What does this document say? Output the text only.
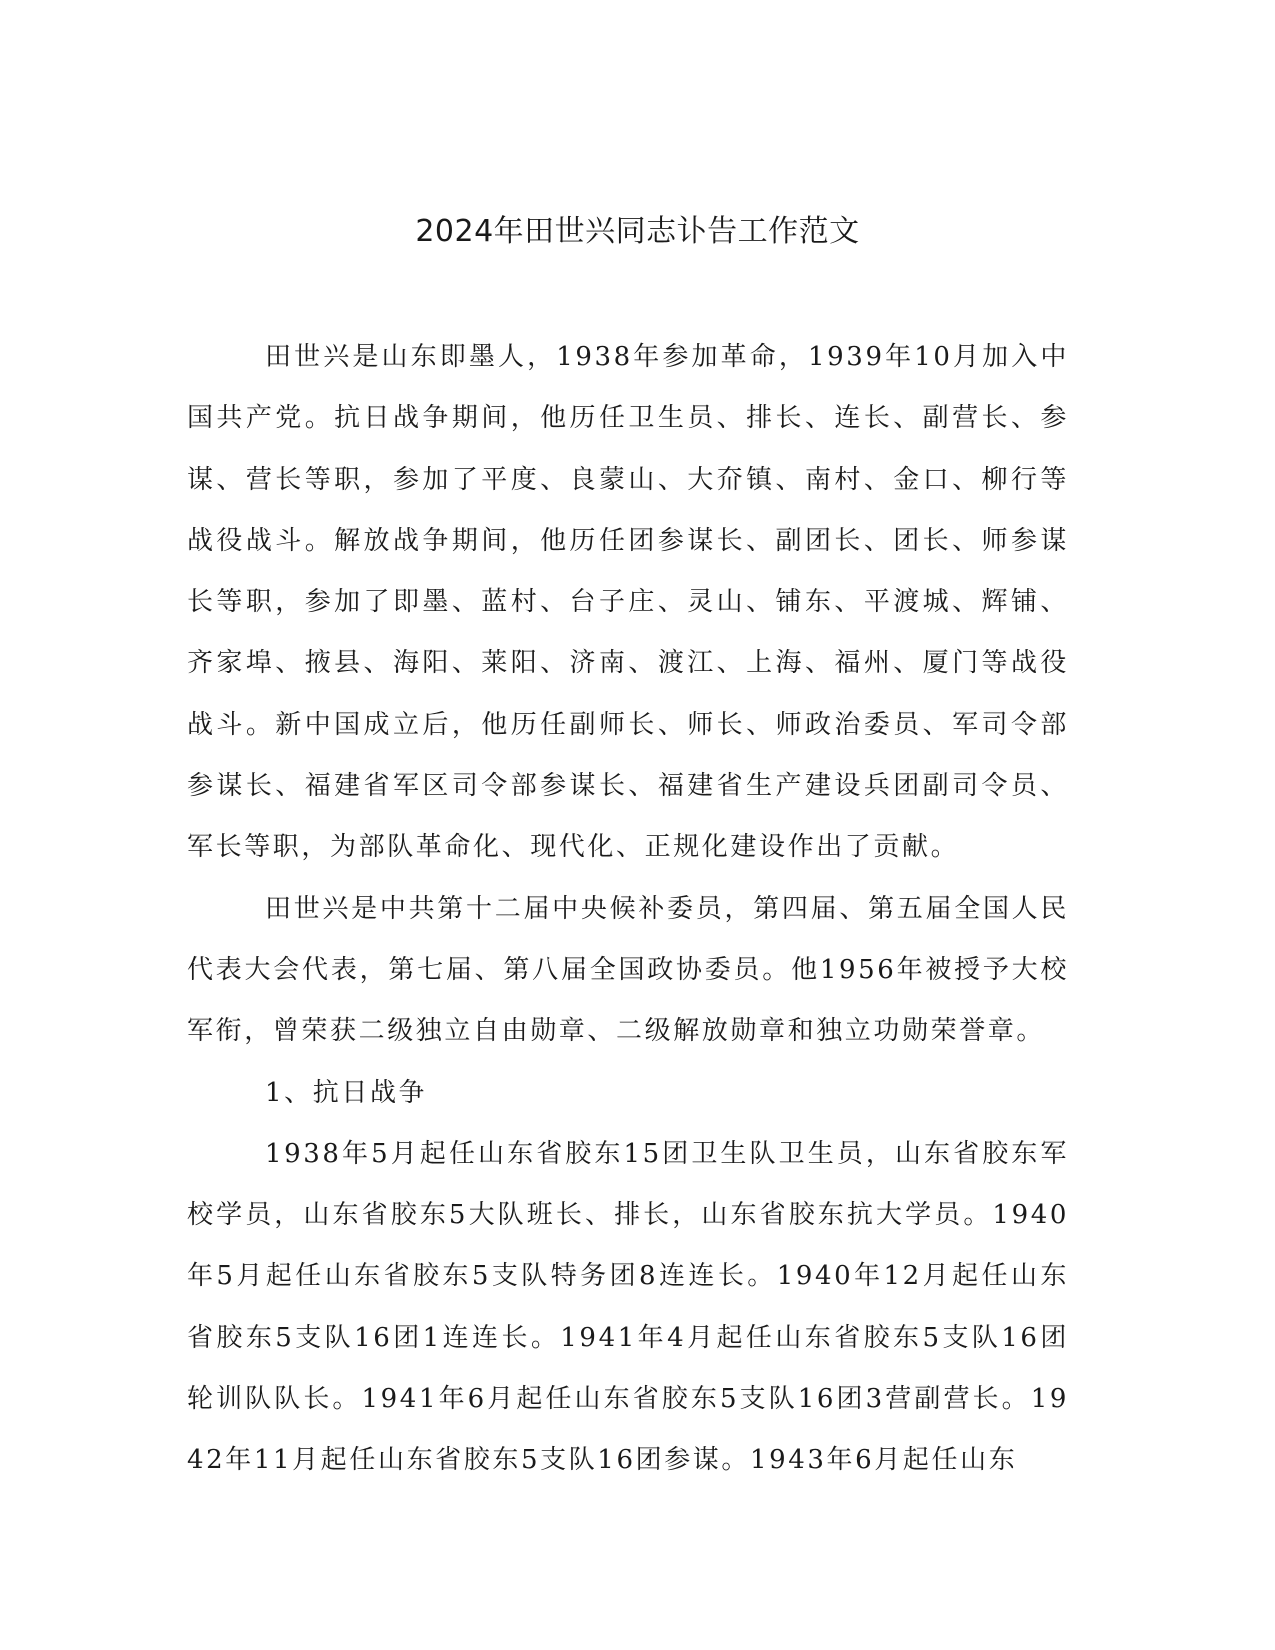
2024年田世兴同志讣告工作范文

田世兴是山东即墨人，1938年参加革命，1939年10月加入中国共产党。抗日战争期间，他历任卫生员、排长、连长、副营长、参谋、营长等职，参加了平度、良蒙山、大夼镇、南村、金口、柳行等战役战斗。解放战争期间，他历任团参谋长、副团长、团长、师参谋长等职，参加了即墨、蓝村、台子庄、灵山、铺东、平渡城、辉铺、齐家埠、掖县、海阳、莱阳、济南、渡江、上海、福州、厦门等战役战斗。新中国成立后，他历任副师长、师长、师政治委员、军司令部参谋长、福建省军区司令部参谋长、福建省生产建设兵团副司令员、军长等职，为部队革命化、现代化、正规化建设作出了贡献。

田世兴是中共第十二届中央候补委员，第四届、第五届全国人民代表大会代表，第七届、第八届全国政协委员。他1956年被授予大校军衔，曾荣获二级独立自由勋章、二级解放勋章和独立功勋荣誉章。

1、抗日战争

1938年5月起任山东省胶东15团卫生队卫生员，山东省胶东军校学员，山东省胶东5大队班长、排长，山东省胶东抗大学员。1940年5月起任山东省胶东5支队特务团8连连长。1940年12月起任山东省胶东5支队16团1连连长。1941年4月起任山东省胶东5支队16团轮训队队长。1941年6月起任山东省胶东5支队16团3营副营长。1942年11月起任山东省胶东5支队16团参谋。1943年6月起任山东
